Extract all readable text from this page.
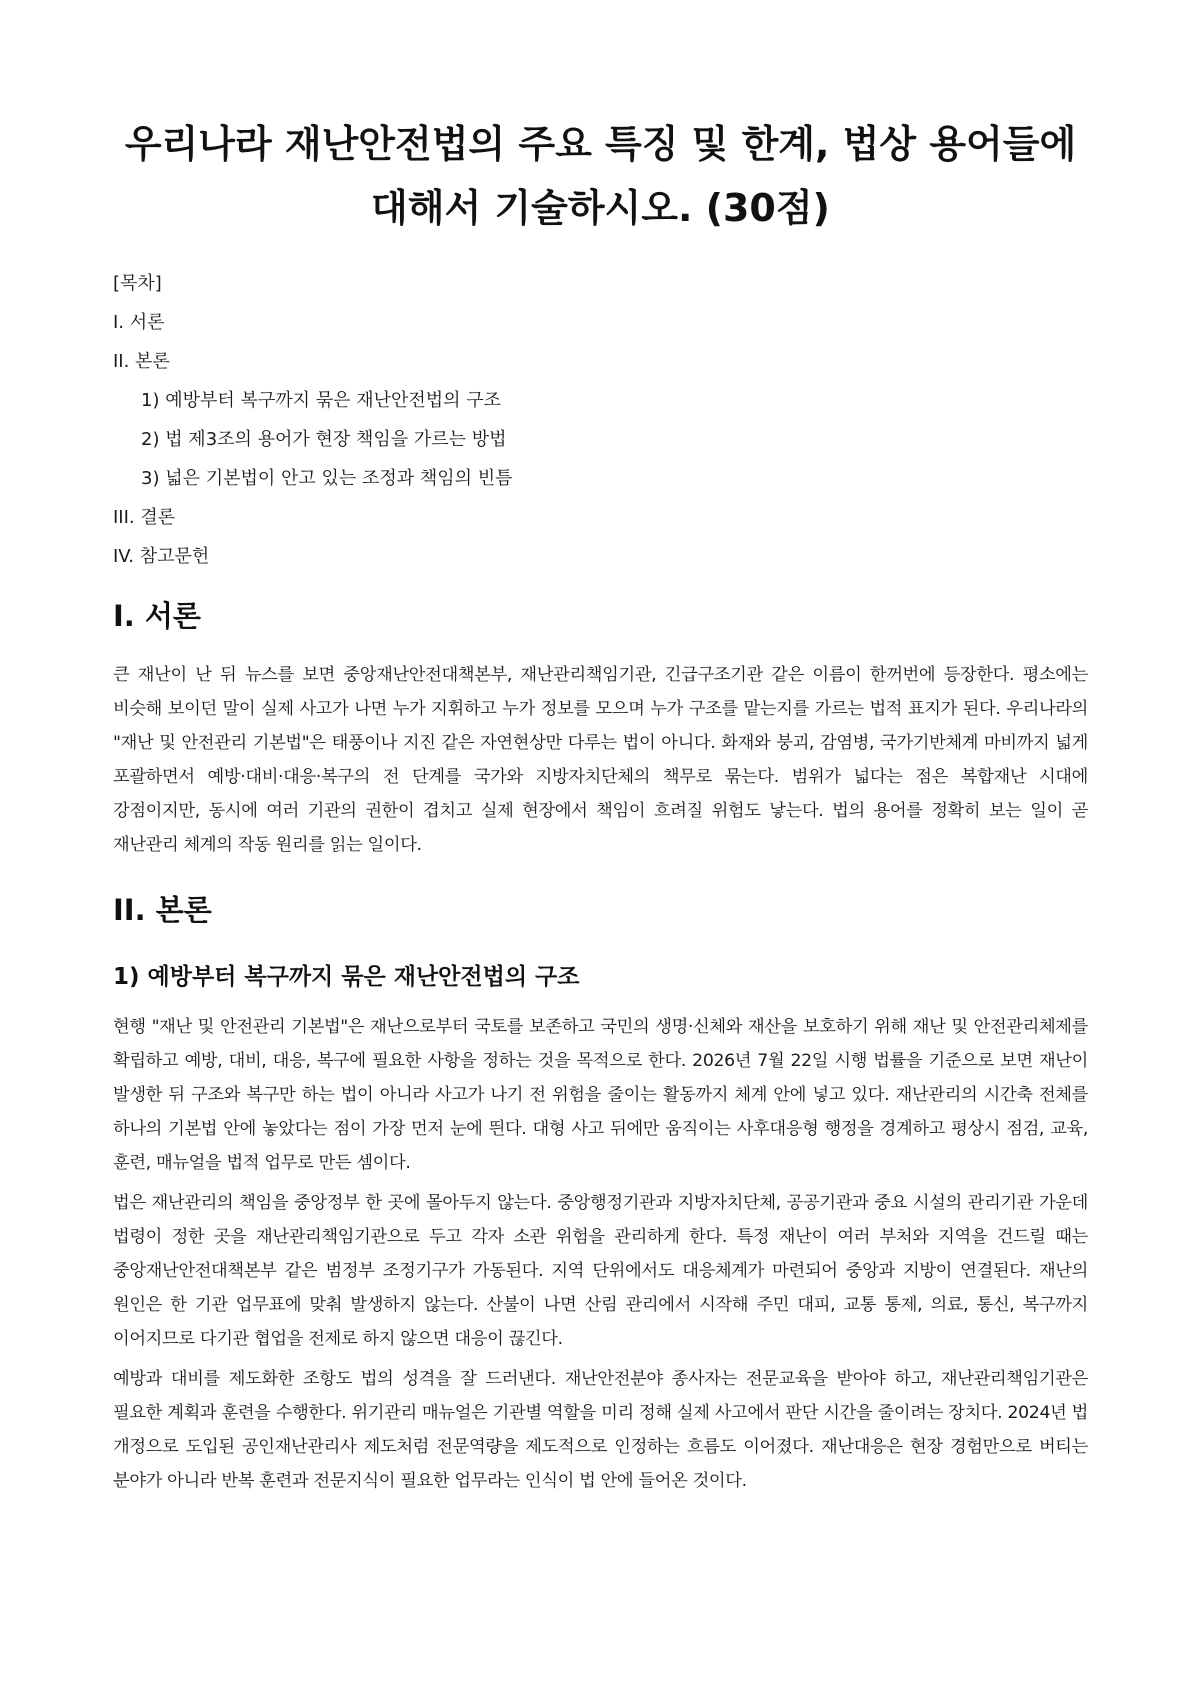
우리나라 재난안전법의 주요 특징 및 한계, 법상 용어들에 대해서 기술하시오. (30점)
[목차]
I. 서론
II. 본론
1) 예방부터 복구까지 묶은 재난안전법의 구조
2) 법 제3조의 용어가 현장 책임을 가르는 방법
3) 넓은 기본법이 안고 있는 조정과 책임의 빈틈
III. 결론
IV. 참고문헌
I. 서론

큰 재난이 난 뒤 뉴스를 보면 중앙재난안전대책본부, 재난관리책임기관, 긴급구조기관 같은 이름이 한꺼번에 등장한다. 평소에는 비슷해 보이던 말이 실제 사고가 나면 누가 지휘하고 누가 정보를 모으며 누가 구조를 맡는지를 가르는 법적 표지가 된다. 우리나라의 "재난 및 안전관리 기본법"은 태풍이나 지진 같은 자연현상만 다루는 법이 아니다. 화재와 붕괴, 감염병, 국가기반체계 마비까지 넓게 포괄하면서 예방·대비·대응·복구의 전 단계를 국가와 지방자치단체의 책무로 묶는다. 범위가 넓다는 점은 복합재난 시대에 강점이지만, 동시에 여러 기관의 권한이 겹치고 실제 현장에서 책임이 흐려질 위험도 낳는다. 법의 용어를 정확히 보는 일이 곧 재난관리 체계의 작동 원리를 읽는 일이다.

II. 본론
1) 예방부터 복구까지 묶은 재난안전법의 구조

현행 "재난 및 안전관리 기본법"은 재난으로부터 국토를 보존하고 국민의 생명·신체와 재산을 보호하기 위해 재난 및 안전관리체제를 확립하고 예방, 대비, 대응, 복구에 필요한 사항을 정하는 것을 목적으로 한다. 2026년 7월 22일 시행 법률을 기준으로 보면 재난이 발생한 뒤 구조와 복구만 하는 법이 아니라 사고가 나기 전 위험을 줄이는 활동까지 체계 안에 넣고 있다. 재난관리의 시간축 전체를 하나의 기본법 안에 놓았다는 점이 가장 먼저 눈에 띈다. 대형 사고 뒤에만 움직이는 사후대응형 행정을 경계하고 평상시 점검, 교육, 훈련, 매뉴얼을 법적 업무로 만든 셈이다.

법은 재난관리의 책임을 중앙정부 한 곳에 몰아두지 않는다. 중앙행정기관과 지방자치단체, 공공기관과 중요 시설의 관리기관 가운데 법령이 정한 곳을 재난관리책임기관으로 두고 각자 소관 위험을 관리하게 한다. 특정 재난이 여러 부처와 지역을 건드릴 때는 중앙재난안전대책본부 같은 범정부 조정기구가 가동된다. 지역 단위에서도 대응체계가 마련되어 중앙과 지방이 연결된다. 재난의 원인은 한 기관 업무표에 맞춰 발생하지 않는다. 산불이 나면 산림 관리에서 시작해 주민 대피, 교통 통제, 의료, 통신, 복구까지 이어지므로 다기관 협업을 전제로 하지 않으면 대응이 끊긴다.

예방과 대비를 제도화한 조항도 법의 성격을 잘 드러낸다. 재난안전분야 종사자는 전문교육을 받아야 하고, 재난관리책임기관은 필요한 계획과 훈련을 수행한다. 위기관리 매뉴얼은 기관별 역할을 미리 정해 실제 사고에서 판단 시간을 줄이려는 장치다. 2024년 법 개정으로 도입된 공인재난관리사 제도처럼 전문역량을 제도적으로 인정하는 흐름도 이어졌다. 재난대응은 현장 경험만으로 버티는 분야가 아니라 반복 훈련과 전문지식이 필요한 업무라는 인식이 법 안에 들어온 것이다.
